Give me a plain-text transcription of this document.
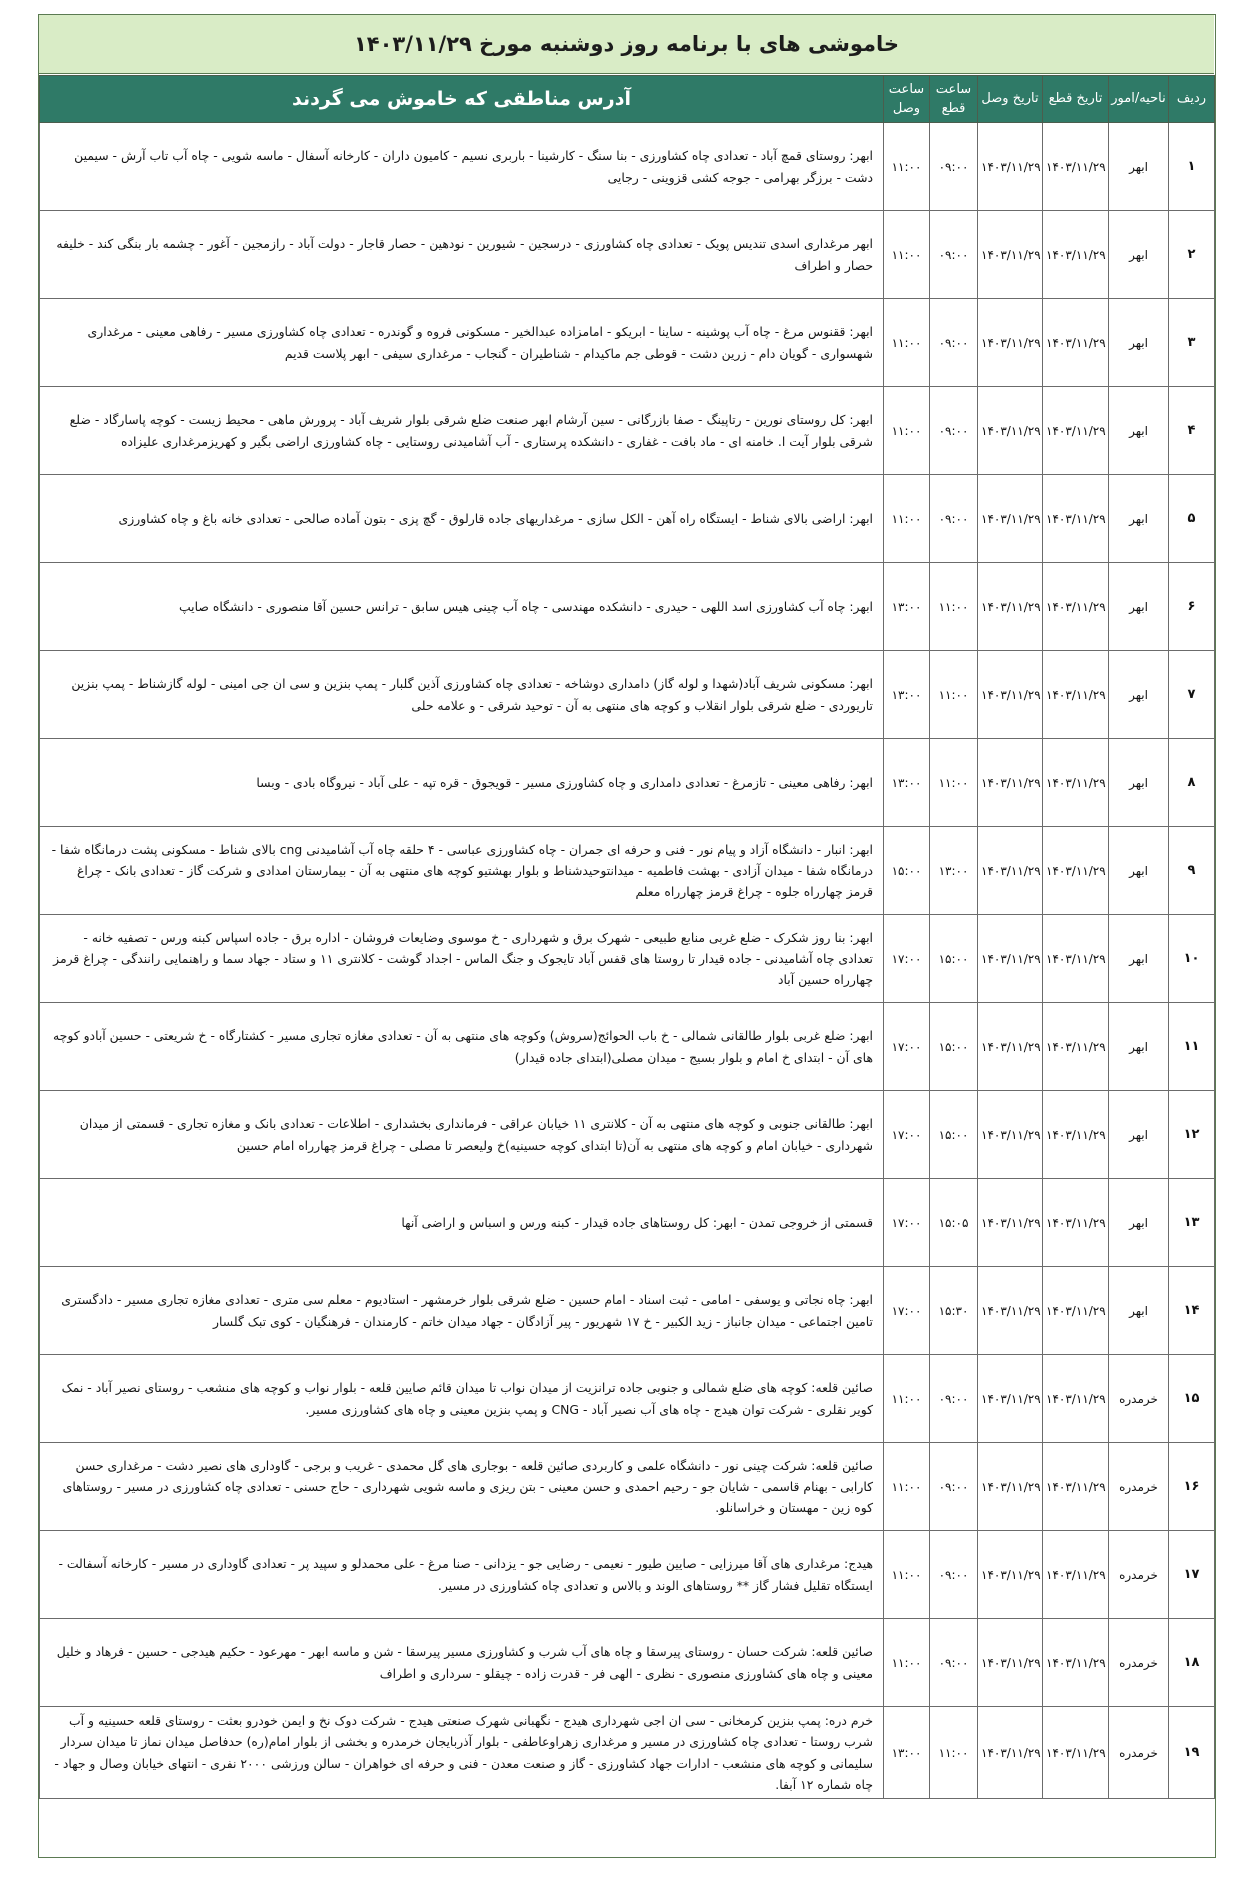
خاموشی های با برنامه روز دوشنبه مورخ ۱۴۰۳/۱۱/۲۹
ردیف	ناحیه/امور	تاریخ قطع	تاریخ وصل	ساعت قطع	ساعت وصل	آدرس مناطقی که خاموش می گردند
۱	ابهر	۱۴۰۳/۱۱/۲۹	۱۴۰۳/۱۱/۲۹	۰۹:۰۰	۱۱:۰۰	ابهر: روستای قمچ آباد - تعدادی چاه کشاورزی - بنا سنگ - کارشینا - باربری نسیم - کامیون داران - کارخانه آسفال - ماسه شویی - چاه آب تاب آرش - سیمین دشت - برزگر بهرامی - جوجه کشی قزوینی - رجایی
۲	ابهر	۱۴۰۳/۱۱/۲۹	۱۴۰۳/۱۱/۲۹	۰۹:۰۰	۱۱:۰۰	ابهر مرغداری اسدی تندیس پویک - تعدادی چاه کشاورزی - درسجین - شیورین - نودهین - حصار قاجار - دولت آباد - رازمجین - آغور - چشمه بار بنگی کند - خلیفه حصار و اطراف
۳	ابهر	۱۴۰۳/۱۱/۲۹	۱۴۰۳/۱۱/۲۹	۰۹:۰۰	۱۱:۰۰	ابهر: ققنوس مرغ - چاه آب پوشینه - ساینا - ابریکو - امامزاده عبدالخیر - مسکونی فروه و گوندره - تعدادی چاه کشاورزی مسیر - رفاهی معینی - مرغداری شهسواری - گویان دام - زرین دشت - قوطی جم ماکیدام - شناطیران - گنجاب - مرغداری سیفی - ابهر پلاست قدیم
۴	ابهر	۱۴۰۳/۱۱/۲۹	۱۴۰۳/۱۱/۲۹	۰۹:۰۰	۱۱:۰۰	ابهر: کل روستای نورین - رتاپینگ - صفا بازرگانی - سین آرشام ابهر صنعت ضلع شرقی بلوار شریف آباد - پرورش ماهی - محیط زیست - کوچه پاسارگاد - ضلع شرقی بلوار آیت ا. خامنه ای - ماد بافت - غفاری - دانشکده پرستاری - آب آشامیدنی روستایی - چاه کشاورزی اراضی بگیر و کهریزمرغداری علیزاده
۵	ابهر	۱۴۰۳/۱۱/۲۹	۱۴۰۳/۱۱/۲۹	۰۹:۰۰	۱۱:۰۰	ابهر: اراضی بالای شناط - ایستگاه راه آهن - الکل سازی - مرغداریهای جاده قارلوق - گچ پزی - بتون آماده صالحی - تعدادی خانه باغ و چاه کشاورزی
۶	ابهر	۱۴۰۳/۱۱/۲۹	۱۴۰۳/۱۱/۲۹	۱۱:۰۰	۱۳:۰۰	ابهر: چاه آب کشاورزی اسد اللهی - حیدری - دانشکده مهندسی - چاه آب چینی هیس سابق - ترانس حسین آقا منصوری - دانشگاه صایپ
۷	ابهر	۱۴۰۳/۱۱/۲۹	۱۴۰۳/۱۱/۲۹	۱۱:۰۰	۱۳:۰۰	ابهر: مسکونی شریف آباد(شهدا و لوله گاز) دامداری دوشاخه - تعدادی چاه کشاورزی آذین گلبار - پمپ بنزین و سی ان جی امینی - لوله گازشناط - پمپ بنزین تاریوردی - ضلع شرقی بلوار انقلاب و کوچه های منتهی به آن - توحید شرقی - و علامه حلی
۸	ابهر	۱۴۰۳/۱۱/۲۹	۱۴۰۳/۱۱/۲۹	۱۱:۰۰	۱۳:۰۰	ابهر: رفاهی معینی - تازمرغ - تعدادی دامداری و چاه کشاورزی مسیر - قویجوق - قره تپه - علی آباد - نیروگاه بادی - وبسا
۹	ابهر	۱۴۰۳/۱۱/۲۹	۱۴۰۳/۱۱/۲۹	۱۳:۰۰	۱۵:۰۰	ابهر: انبار - دانشگاه آزاد و پیام نور - فنی و حرفه ای جمران - چاه کشاورزی عباسی - ۴ حلقه چاه آب آشامیدنی cng بالای شناط - مسکونی پشت درمانگاه شفا - درمانگاه شفا - میدان آزادی - بهشت فاطمیه - میدانتوحیدشناط و بلوار بهشتیو کوچه های منتهی به آن - بیمارستان امدادی و شرکت گاز - تعدادی بانک - چراغ قرمز چهارراه جلوه - چراغ قرمز چهارراه معلم
۱۰	ابهر	۱۴۰۳/۱۱/۲۹	۱۴۰۳/۱۱/۲۹	۱۵:۰۰	۱۷:۰۰	ابهر: بنا روز شکرک - ضلع غربی منابع طبیعی - شهرک برق و شهرداری - خ موسوی وضایعات فروشان - اداره برق - جاده اسپاس کبنه ورس - تصفیه خانه - تعدادی چاه آشامیدنی - جاده قیدار تا روستا های قفس آباد تایجوک و جنگ الماس - اجداد گوشت - کلانتری ۱۱ و ستاد - جهاد سما و راهنمایی رانندگی - چراغ قرمز چهارراه حسین آباد
۱۱	ابهر	۱۴۰۳/۱۱/۲۹	۱۴۰۳/۱۱/۲۹	۱۵:۰۰	۱۷:۰۰	ابهر: ضلع غربی بلوار طالقانی شمالی - خ باب الحوائج(سروش) وکوچه های منتهی به آن - تعدادی مغازه تجاری مسیر - کشتارگاه - خ شریعتی - حسین آبادو کوچه های آن - ابتدای خ امام و بلوار بسیج - میدان مصلی(ابتدای جاده قیدار)
۱۲	ابهر	۱۴۰۳/۱۱/۲۹	۱۴۰۳/۱۱/۲۹	۱۵:۰۰	۱۷:۰۰	ابهر: طالقانی جنوبی و کوچه های منتهی به آن - کلانتری ۱۱ خیابان عراقی - فرمانداری بخشداری - اطلاعات - تعدادی بانک و مغازه تجاری - قسمتی از میدان شهرداری - خیابان امام و کوچه های منتهی به آن(تا ابتدای کوچه حسینیه)خ ولیعصر تا مصلی - چراغ قرمز چهارراه امام حسین
۱۳	ابهر	۱۴۰۳/۱۱/۲۹	۱۴۰۳/۱۱/۲۹	۱۵:۰۵	۱۷:۰۰	قسمتی از خروجی تمدن - ابهر: کل روستاهای جاده قیدار - کبنه ورس و اسباس و اراضی آنها
۱۴	ابهر	۱۴۰۳/۱۱/۲۹	۱۴۰۳/۱۱/۲۹	۱۵:۳۰	۱۷:۰۰	ابهر: چاه نجاتی و یوسفی - امامی - ثبت اسناد - امام حسین - ضلع شرقی بلوار خرمشهر - استادیوم - معلم سی متری - تعدادی مغازه تجاری مسیر - دادگستری تامین اجتماعی - میدان جانباز - زید الکبیر - خ ۱۷ شهریور - پیر آزادگان - جهاد میدان خاتم - کارمندان - فرهنگیان - کوی تبک گلسار
۱۵	خرمدره	۱۴۰۳/۱۱/۲۹	۱۴۰۳/۱۱/۲۹	۰۹:۰۰	۱۱:۰۰	صائین قلعه: کوچه های ضلع شمالی و جنوبی جاده ترانزیت از میدان نواب تا میدان قائم صایین قلعه - بلوار نواب و کوچه های منشعب - روستای نصیر آباد - نمک کویر نقلری - شرکت توان هیدج - چاه های آب نصیر آباد - CNG و پمپ بنزین معینی و چاه های کشاورزی مسیر.
۱۶	خرمدره	۱۴۰۳/۱۱/۲۹	۱۴۰۳/۱۱/۲۹	۰۹:۰۰	۱۱:۰۰	صائین قلعه: شرکت چینی نور - دانشگاه علمی و کاربردی صائین قلعه - بوجاری های گل محمدی - غریب و برجی - گاوداری های نصیر دشت - مرغداری حسن کارابی - بهنام قاسمی - شایان جو - رحیم احمدی و حسن معینی - بتن ریزی و ماسه شویی شهرداری - حاج حسنی - تعدادی چاه کشاورزی در مسیر - روستاهای کوه زین - مهستان و خراسانلو.
۱۷	خرمدره	۱۴۰۳/۱۱/۲۹	۱۴۰۳/۱۱/۲۹	۰۹:۰۰	۱۱:۰۰	هیدج: مرغداری های آقا میرزایی - صایین طیور - نعیمی - رضایی جو - یزدانی - صنا مرغ - علی محمدلو و سپید پر - تعدادی گاوداری در مسیر - کارخانه آسفالت - ایستگاه تقلیل فشار گاز ** روستاهای الوند و بالاس و تعدادی چاه کشاورزی در مسیر.
۱۸	خرمدره	۱۴۰۳/۱۱/۲۹	۱۴۰۳/۱۱/۲۹	۰۹:۰۰	۱۱:۰۰	صائین قلعه: شرکت حسان - روستای پیرسقا و چاه های آب شرب و کشاورزی مسیر پیرسقا - شن و ماسه ابهر - مهرعود - حکیم هیدجی - حسین - فرهاد و خلیل معینی و چاه های کشاورزی منصوری - نظری - الهی فر - قدرت زاده - چیقلو - سرداری و اطراف
۱۹	خرمدره	۱۴۰۳/۱۱/۲۹	۱۴۰۳/۱۱/۲۹	۱۱:۰۰	۱۳:۰۰	خرم دره: پمپ بنزین کرمخانی - سی ان اجی شهرداری هیدج - نگهبانی شهرک صنعتی هیدج - شرکت دوک نخ و ایمن خودرو بعثت - روستای قلعه حسینیه و آب شرب روستا - تعدادی چاه کشاورزی در مسیر و مرغداری زهراوعاطفی - بلوار آذربایجان خرمدره و بخشی از بلوار امام(ره) حدفاصل میدان نماز تا میدان سردار سلیمانی و کوچه های منشعب - ادارات جهاد کشاورزی - گاز و صنعت معدن - فنی و حرفه ای خواهران - سالن ورزشی ۲۰۰۰ نفری - انتهای خیابان وصال و جهاد - چاه شماره ۱۲ آبفا.
